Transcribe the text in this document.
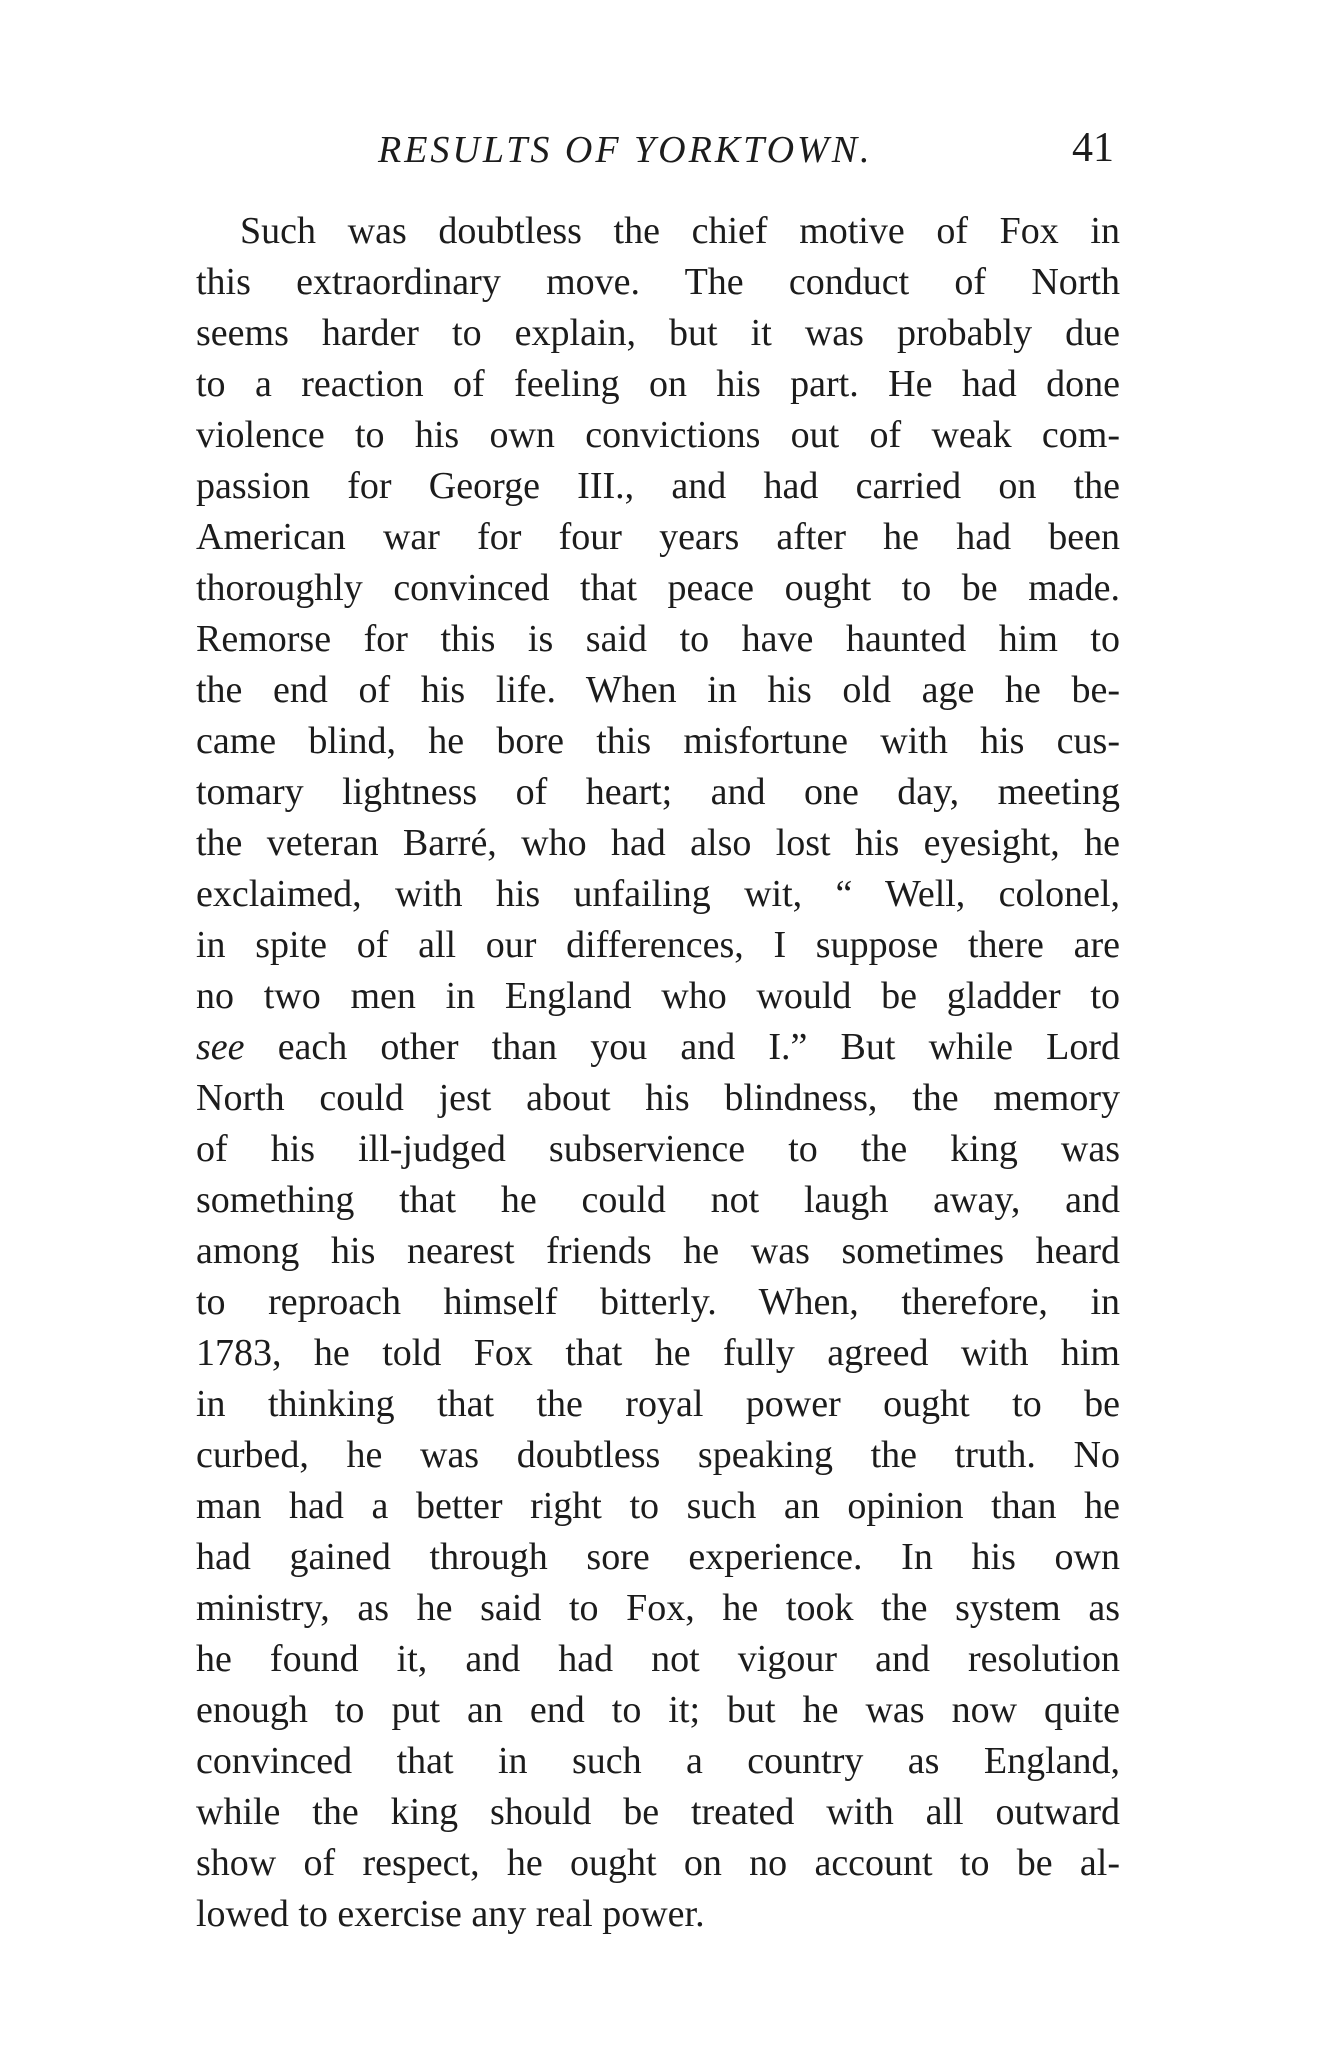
RESULTS OF YORKTOWN.	41
Such was doubtless the chief motive of Fox in
this extraordinary move. The conduct of North
seems harder to explain, but it was probably due
to a reaction of feeling on his part. He had done
violence to his own convictions out of weak com-
passion for George III., and had carried on the
American war for four years after he had been
thoroughly convinced that peace ought to be made.
Remorse for this is said to have haunted him to
the end of his life. When in his old age he be-
came blind, he bore this misfortune with his cus-
tomary lightness of heart; and one day, meeting
the veteran Barré, who had also lost his eyesight, he
exclaimed, with his unfailing wit, “ Well, colonel,
in spite of all our differences, I suppose there are
no two men in England who would be gladder to
see each other than you and I.” But while Lord
North could jest about his blindness, the memory
of his ill-judged subservience to the king was
something that he could not laugh away, and
among his nearest friends he was sometimes heard
to reproach himself bitterly. When, therefore, in
1783, he told Fox that he fully agreed with him
in thinking that the royal power ought to be
curbed, he was doubtless speaking the truth. No
man had a better right to such an opinion than he
had gained through sore experience. In his own
ministry, as he said to Fox, he took the system as
he found it, and had not vigour and resolution
enough to put an end to it; but he was now quite
convinced that in such a country as England,
while the king should be treated with all outward
show of respect, he ought on no account to be al-
lowed to exercise any real power.
